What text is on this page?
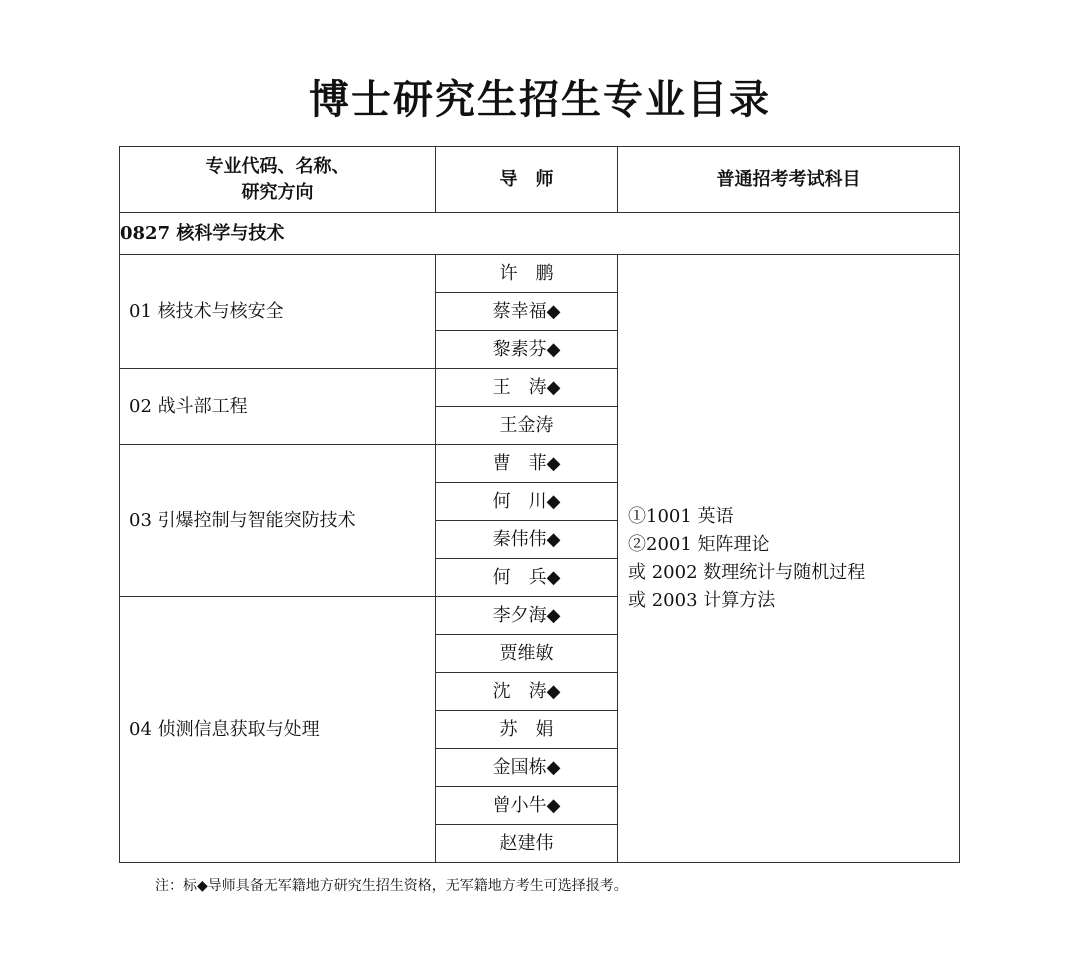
博士研究生招生专业目录
专业代码、名称、
研究方向	导　师	普通招考考试科目
0827 核科学与技术		
01 核技术与核安全	许　鹏	①1001 英语
②2001 矩阵理论
或 2002 数理统计与随机过程
或 2003 计算方法

	蔡幸福◆	
	黎素芬◆	
02 战斗部工程	王　涛◆	
	王金涛	
03 引爆控制与智能突防技术	曹　菲◆	
	何　川◆	
	秦伟伟◆	
	何　兵◆	
04 侦测信息获取与处理	李夕海◆	
	贾维敏	
	沈　涛◆	
	苏　娟	
	金国栋◆	
	曾小牛◆	
	赵建伟	
注：标◆导师具备无军籍地方研究生招生资格，无军籍地方考生可选择报考。
